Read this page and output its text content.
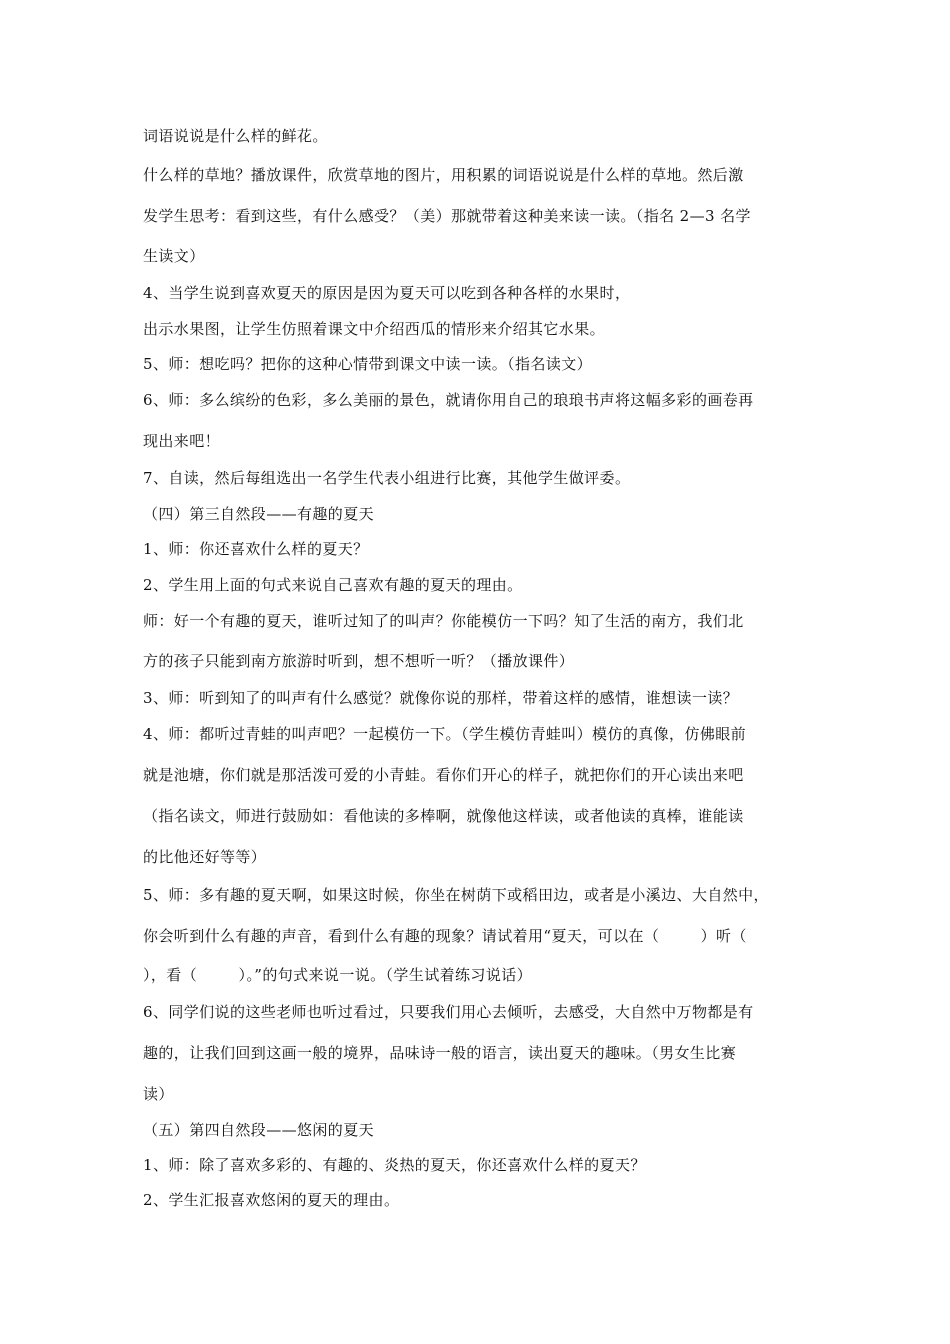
词语说说是什么样的鲜花。

什么样的草地？播放课件，欣赏草地的图片，用积累的词语说说是什么样的草地。然后激

发学生思考：看到这些，有什么感受？（美）那就带着这种美来读一读。（指名 2—3 名学

生读文）

4、当学生说到喜欢夏天的原因是因为夏天可以吃到各种各样的水果时，

出示水果图，让学生仿照着课文中介绍西瓜的情形来介绍其它水果。

5、师：想吃吗？把你的这种心情带到课文中读一读。（指名读文）

6、师：多么缤纷的色彩，多么美丽的景色，就请你用自己的琅琅书声将这幅多彩的画卷再

现出来吧！

7、自读，然后每组选出一名学生代表小组进行比赛，其他学生做评委。

（四）第三自然段——有趣的夏天

1、师：你还喜欢什么样的夏天？

2、学生用上面的句式来说自己喜欢有趣的夏天的理由。

师：好一个有趣的夏天，谁听过知了的叫声？你能模仿一下吗？知了生活的南方，我们北

方的孩子只能到南方旅游时听到，想不想听一听？（播放课件）

3、师：听到知了的叫声有什么感觉？就像你说的那样，带着这样的感情，谁想读一读？

4、师：都听过青蛙的叫声吧？一起模仿一下。（学生模仿青蛙叫）模仿的真像，仿佛眼前

就是池塘，你们就是那活泼可爱的小青蛙。看你们开心的样子，就把你们的开心读出来吧

（指名读文，师进行鼓励如：看他读的多棒啊，就像他这样读，或者他读的真棒，谁能读

的比他还好等等）

5、师：多有趣的夏天啊，如果这时候，你坐在树荫下或稻田边，或者是小溪边、大自然中，

你会听到什么有趣的声音，看到什么有趣的现象？请试着用“夏天，可以在（        ）听（

），看（        ）。”的句式来说一说。（学生试着练习说话）

6、同学们说的这些老师也听过看过，只要我们用心去倾听，去感受，大自然中万物都是有

趣的，让我们回到这画一般的境界，品味诗一般的语言，读出夏天的趣味。（男女生比赛

读）

（五）第四自然段——悠闲的夏天

1、师：除了喜欢多彩的、有趣的、炎热的夏天，你还喜欢什么样的夏天？

2、学生汇报喜欢悠闲的夏天的理由。
